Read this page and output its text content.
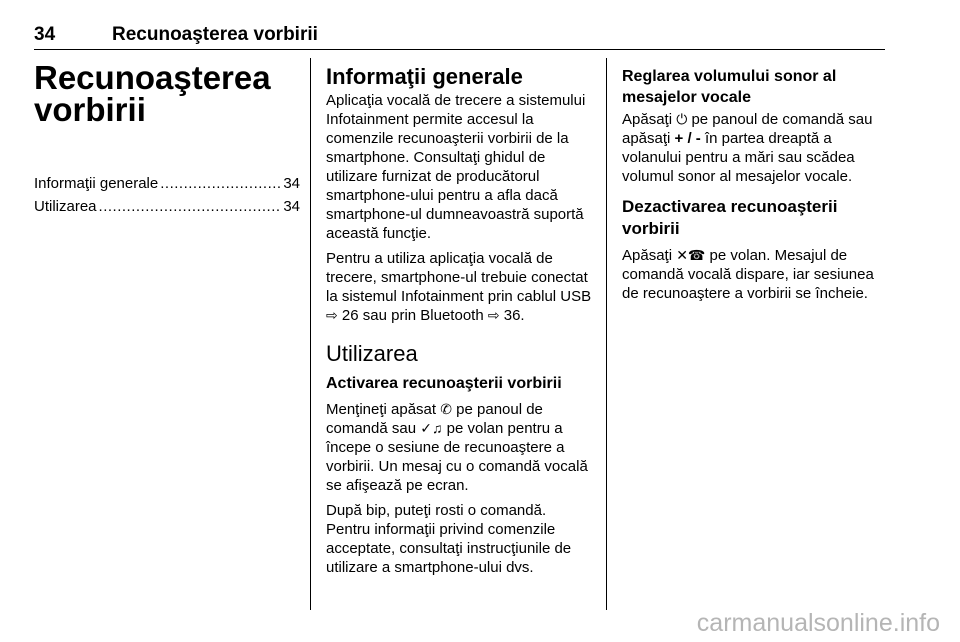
34	Recunoaşterea vorbirii
Recunoaşterea
vorbirii
Informaţii generale .....	34
Utilizarea .....	34
Informaţii generale

Aplicaţia vocală de trecere a sistemului Infotainment permite accesul la comenzile recunoaşterii vorbirii de la smartphone. Consultaţi ghidul de utilizare furnizat de producătorul smartphone-ului pentru a afla dacă smartphone-ul dumneavoastră suportă această funcţie.

Pentru a utiliza aplicaţia vocală de trecere, smartphone-ul trebuie conectat la sistemul Infotainment prin cablul USB ⇨ 26 sau prin Bluetooth ⇨ 36.

Utilizarea
Activarea recunoaşterii vorbirii

Menţineţi apăsat ✆ pe panoul de comandă sau ✓♫ pe volan pentru a începe o sesiune de recunoaştere a vorbirii. Un mesaj cu o comandă vocală se afişează pe ecran.

După bip, puteţi rosti o comandă. Pentru informaţii privind comenzile acceptate, consultaţi instrucţiunile de utilizare a smartphone-ului dvs.

Reglarea volumului sonor al mesajelor vocale

Apăsaţi ⏻ pe panoul de comandă sau apăsaţi + / - în partea dreaptă a volanului pentru a mări sau scădea volumul sonor al mesajelor vocale.

Dezactivarea recunoaşterii vorbirii

Apăsaţi ✕☎ pe volan. Mesajul de comandă vocală dispare, iar sesiunea de recunoaştere a vorbirii se încheie.

carmanualsonline.info
